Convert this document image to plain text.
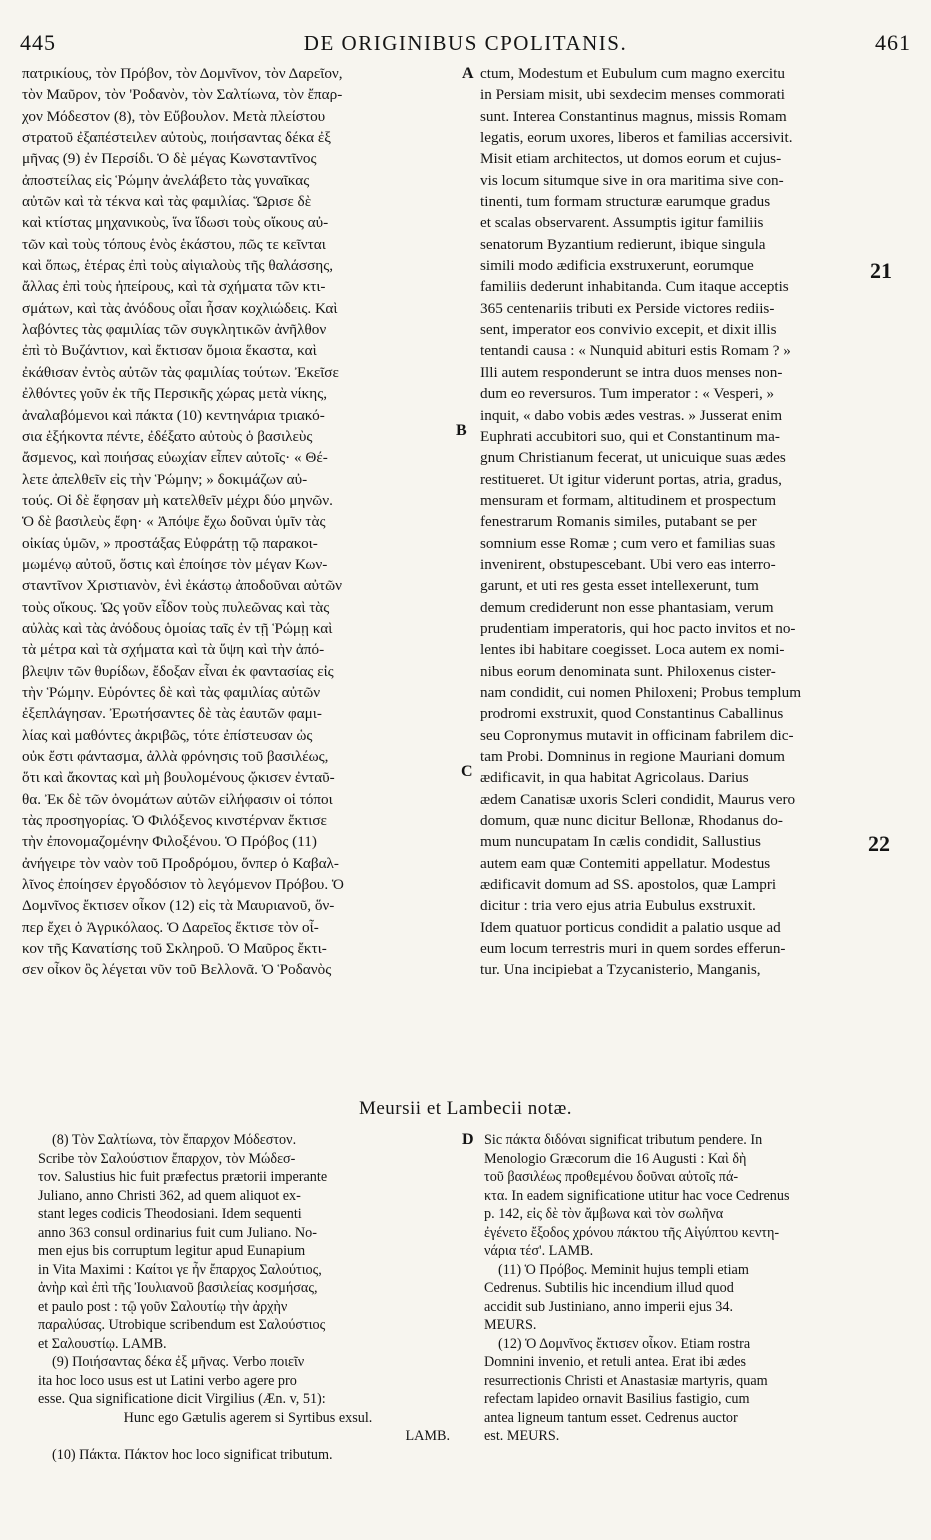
445	DE ORIGINIBUS CPOLITANIS.	461
πατρικίους, τὸν Πρόβον, τὸν Δομνῖνον, τὸν Δαρεῖον,
τὸν Μαῦρον, τὸν 'Ροδανὸν, τὸν Σαλτίωνα, τὸν ἔπαρ-
χον Μόδεστον (8), τὸν Εὔβουλον. Μετὰ πλείστου
στρατοῦ ἐξαπέστειλεν αὐτοὺς, ποιήσαντας δέκα ἐξ
μῆνας (9) ἐν Περσίδι. Ὁ δὲ μέγας Κωνσταντῖνος
ἀποστείλας εἰς Ῥώμην ἀνελάβετο τὰς γυναῖκας
αὐτῶν καὶ τὰ τέκνα καὶ τὰς φαμιλίας. Ὥρισε δὲ
καὶ κτίστας μηχανικοὺς, ἵνα ἴδωσι τοὺς οἴκους αὐ-
τῶν καὶ τοὺς τόπους ἑνὸς ἑκάστου, πῶς τε κεῖνται
καὶ ὅπως, ἑτέρας ἐπὶ τοὺς αἰγιαλοὺς τῆς θαλάσσης,
ἄλλας ἐπὶ τοὺς ἠπείρους, καὶ τὰ σχήματα τῶν κτι-
σμάτων, καὶ τὰς ἀνόδους οἷαι ἦσαν κοχλιώδεις. Καὶ
λαβόντες τὰς φαμιλίας τῶν συγκλητικῶν ἀνῆλθον
ἐπὶ τὸ Βυζάντιον, καὶ ἔκτισαν ὅμοια ἕκαστα, καὶ
ἐκάθισαν ἐντὸς αὐτῶν τὰς φαμιλίας τούτων. Ἐκεῖσε
ἐλθόντες γοῦν ἐκ τῆς Περσικῆς χώρας μετὰ νίκης,
ἀναλαβόμενοι καὶ πάκτα (10) κεντηνάρια τριακό-
σια ἑξήκοντα πέντε, ἐδέξατο αὐτοὺς ὁ βασιλεὺς
ἄσμενος, καὶ ποιήσας εὐωχίαν εἶπεν αὐτοῖς· « Θέ-
λετε ἀπελθεῖν εἰς τὴν Ῥώμην; » δοκιμάζων αὐ-
τούς. Οἱ δὲ ἔφησαν μὴ κατελθεῖν μέχρι δύο μηνῶν.
Ὁ δὲ βασιλεὺς ἔφη· « Ἀπόψε ἔχω δοῦναι ὑμῖν τὰς
οἰκίας ὑμῶν, » προστάξας Εὐφράτῃ τῷ παρακοι-
μωμένῳ αὐτοῦ, ὅστις καὶ ἐποίησε τὸν μέγαν Κων-
σταντῖνον Χριστιανὸν, ἑνὶ ἑκάστῳ ἀποδοῦναι αὐτῶν
τοὺς οἴκους. Ὡς γοῦν εἶδον τοὺς πυλεῶνας καὶ τὰς
αὐλὰς καὶ τὰς ἀνόδους ὁμοίας ταῖς ἐν τῇ Ῥώμῃ καὶ
τὰ μέτρα καὶ τὰ σχήματα καὶ τὰ ὕψη καὶ τὴν ἀπό-
βλεψιν τῶν θυρίδων, ἔδοξαν εἶναι ἐκ φαντασίας εἰς
τὴν Ῥώμην. Εὑρόντες δὲ καὶ τὰς φαμιλίας αὐτῶν
ἐξεπλάγησαν. Ἐρωτήσαντες δὲ τὰς ἑαυτῶν φαμι-
λίας καὶ μαθόντες ἀκριβῶς, τότε ἐπίστευσαν ὡς
οὐκ ἔστι φάντασμα, ἀλλὰ φρόνησις τοῦ βασιλέως,
ὅτι καὶ ἄκοντας καὶ μὴ βουλομένους ᾤκισεν ἐνταῦ-
θα. Ἐκ δὲ τῶν ὀνομάτων αὐτῶν εἰλήφασιν οἱ τόποι
τὰς προσηγορίας. Ὁ Φιλόξενος κινστέρναν ἔκτισε
τὴν ἐπονομαζομένην Φιλοξένου. Ὁ Πρόβος (11)
ἀνήγειρε τὸν ναὸν τοῦ Προδρόμου, ὅνπερ ὁ Καβαλ-
λῖνος ἐποίησεν ἐργοδόσιον τὸ λεγόμενον Πρόβου. Ὁ
Δομνῖνος ἔκτισεν οἶκον (12) εἰς τὰ Μαυριανοῦ, ὅν-
περ ἔχει ὁ Ἀγρικόλαος. Ὁ Δαρεῖος ἔκτισε τὸν οἶ-
κον τῆς Κανατίσης τοῦ Σκληροῦ. Ὁ Μαῦρος ἔκτι-
σεν οἶκον ὃς λέγεται νῦν τοῦ Βελλονᾶ. Ὁ Ῥοδανὸς
ctum, Modestum et Eubulum cum magno exercitu
in Persiam misit, ubi sexdecim menses commorati
sunt. Interea Constantinus magnus, missis Romam
legatis, eorum uxores, liberos et familias accersivit.
Misit etiam architectos, ut domos eorum et cujus-
vis locum situmque sive in ora maritima sive con-
tinenti, tum formam structuræ earumque gradus
et scalas observarent. Assumptis igitur familiis
senatorum Byzantium redierunt, ibique singula
simili modo ædificia exstruxerunt, eorumque
familiis dederunt inhabitanda. Cum itaque acceptis
365 centenariis tributi ex Perside victores rediis-
sent, imperator eos convivio excepit, et dixit illis
tentandi causa : « Nunquid abituri estis Romam ? »
Illi autem responderunt se intra duos menses non-
dum eo reversuros. Tum imperator : « Vesperi, »
inquit, « dabo vobis ædes vestras. » Jusserat enim
Euphrati accubitori suo, qui et Constantinum ma-
gnum Christianum fecerat, ut unicuique suas ædes
restitueret. Ut igitur viderunt portas, atria, gradus,
mensuram et formam, altitudinem et prospectum
fenestrarum Romanis similes, putabant se per
somnium esse Romæ ; cum vero et familias suas
invenirent, obstupescebant. Ubi vero eas interro-
garunt, et uti res gesta esset intellexerunt, tum
demum crediderunt non esse phantasiam, verum
prudentiam imperatoris, qui hoc pacto invitos et no-
lentes ibi habitare coegisset. Loca autem ex nomi-
nibus eorum denominata sunt. Philoxenus cister-
nam condidit, cui nomen Philoxeni; Probus templum
prodromi exstruxit, quod Constantinus Caballinus
seu Copronymus mutavit in officinam fabrilem dic-
tam Probi. Domninus in regione Mauriani domum
ædificavit, in qua habitat Agricolaus. Darius
ædem Canatisæ uxoris Scleri condidit, Maurus vero
domum, quæ nunc dicitur Bellonæ, Rhodanus do-
mum nuncupatam In cælis condidit, Sallustius
autem eam quæ Contemiti appellatur. Modestus
ædificavit domum ad SS. apostolos, quæ Lampri
dicitur : tria vero ejus atria Eubulus exstruxit.
Idem quatuor porticus condidit a palatio usque ad
eum locum terrestris muri in quem sordes efferun-
tur. Una incipiebat a Tzycanisterio, Manganis,
A
B
C
D
21
22
Meursii et Lambecii notæ.
(8) Τὸν Σαλτίωνα, τὸν ἔπαρχον Μόδεστον.
Scribe τὸν Σαλούστιον ἔπαρχον, τὸν Μώδεσ-
τον. Salustius hic fuit præfectus prætorii imperante
Juliano, anno Christi 362, ad quem aliquot ex-
stant leges codicis Theodosiani. Idem sequenti
anno 363 consul ordinarius fuit cum Juliano. No-
men ejus bis corruptum legitur apud Eunapium
in Vita Maximi : Καίτοι γε ἦν ἔπαρχος Σαλούτιος,
ἀνὴρ καὶ ἐπὶ τῆς Ἰουλιανοῦ βασιλείας κοσμήσας,
et paulo post : τῷ γοῦν Σαλουτίῳ τὴν ἀρχὴν
παραλύσας. Utrobique scribendum est Σαλούστιος
et Σαλουστίῳ. LAMB.
(9) Ποιήσαντας δέκα ἐξ μῆνας. Verbo ποιεῖν
ita hoc loco usus est ut Latini verbo agere pro
esse. Qua significatione dicit Virgilius (Æn. v, 51):
Hunc ego Gætulis agerem si Syrtibus exsul.
LAMB.
(10) Πάκτα. Πάκτον hoc loco significat tributum.
Sic πάκτα διδόναι significat tributum pendere. In
Menologio Græcorum die 16 Augusti : Καὶ δὴ
τοῦ βασιλέως προθεμένου δοῦναι αὐτοῖς πά-
κτα. In eadem significatione utitur hac voce Cedrenus
p. 142, εἰς δὲ τὸν ἄμβωνα καὶ τὸν σωλῆνα
ἐγένετο ἔξοδος χρόνου πάκτου τῆς Αἰγύπτου κεντη-
νάρια τέσ'. LAMB.
(11) Ὁ Πρόβος. Meminit hujus templi etiam
Cedrenus. Subtilis hic incendium illud quod
accidit sub Justiniano, anno imperii ejus 34.
MEURS.
(12) Ὁ Δομνῖνος ἔκτισεν οἶκον. Etiam rostra
Domnini invenio, et retuli antea. Erat ibi ædes
resurrectionis Christi et Anastasiæ martyris, quam
refectam lapideo ornavit Basilius fastigio, cum
antea ligneum tantum esset. Cedrenus auctor
est. MEURS.
